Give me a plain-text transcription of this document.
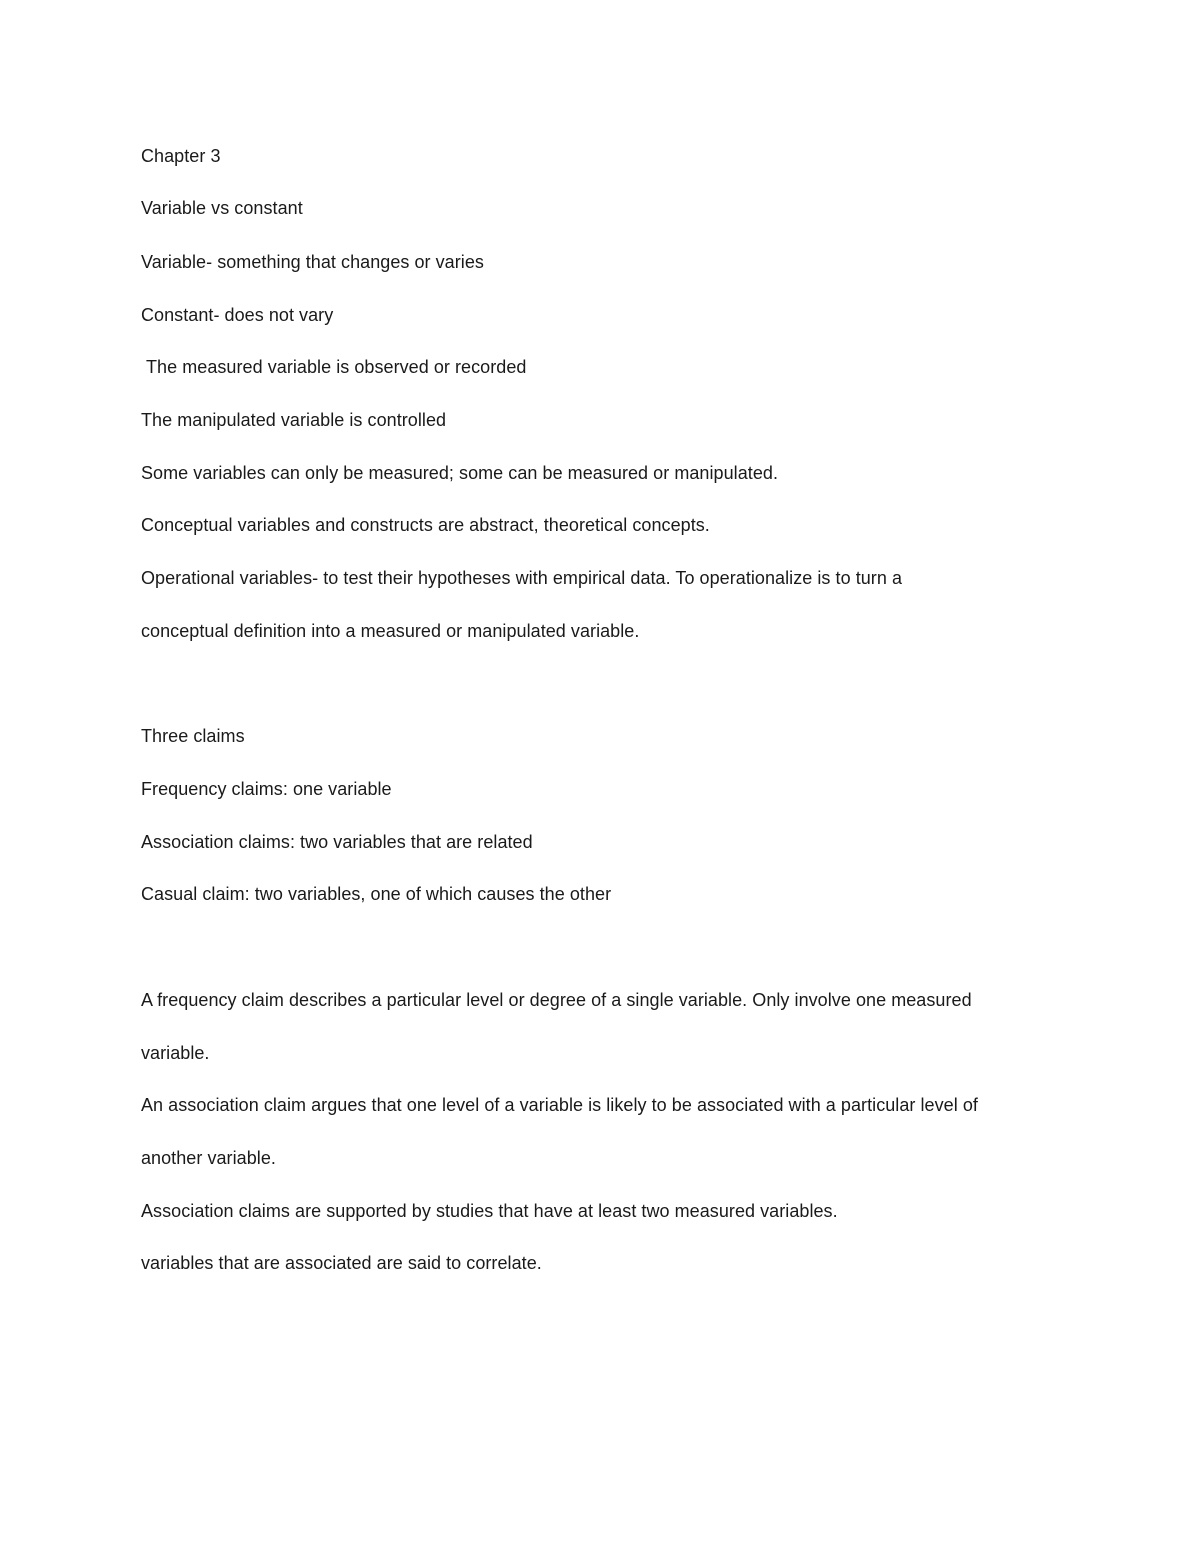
Chapter 3
Variable vs constant
Variable- something that changes or varies
Constant- does not vary
The measured variable is observed or recorded
The manipulated variable is controlled
Some variables can only be measured; some can be measured or manipulated.
Conceptual variables and constructs are abstract, theoretical concepts.
Operational variables- to test their hypotheses with empirical data. To operationalize is to turn a
conceptual definition into a measured or manipulated variable.
Three claims
Frequency claims: one variable
Association claims: two variables that are related
Casual claim: two variables, one of which causes the other
A frequency claim describes a particular level or degree of a single variable. Only involve one measured
variable.
An association claim argues that one level of a variable is likely to be associated with a particular level of
another variable.
Association claims are supported by studies that have at least two measured variables.
variables that are associated are said to correlate.
